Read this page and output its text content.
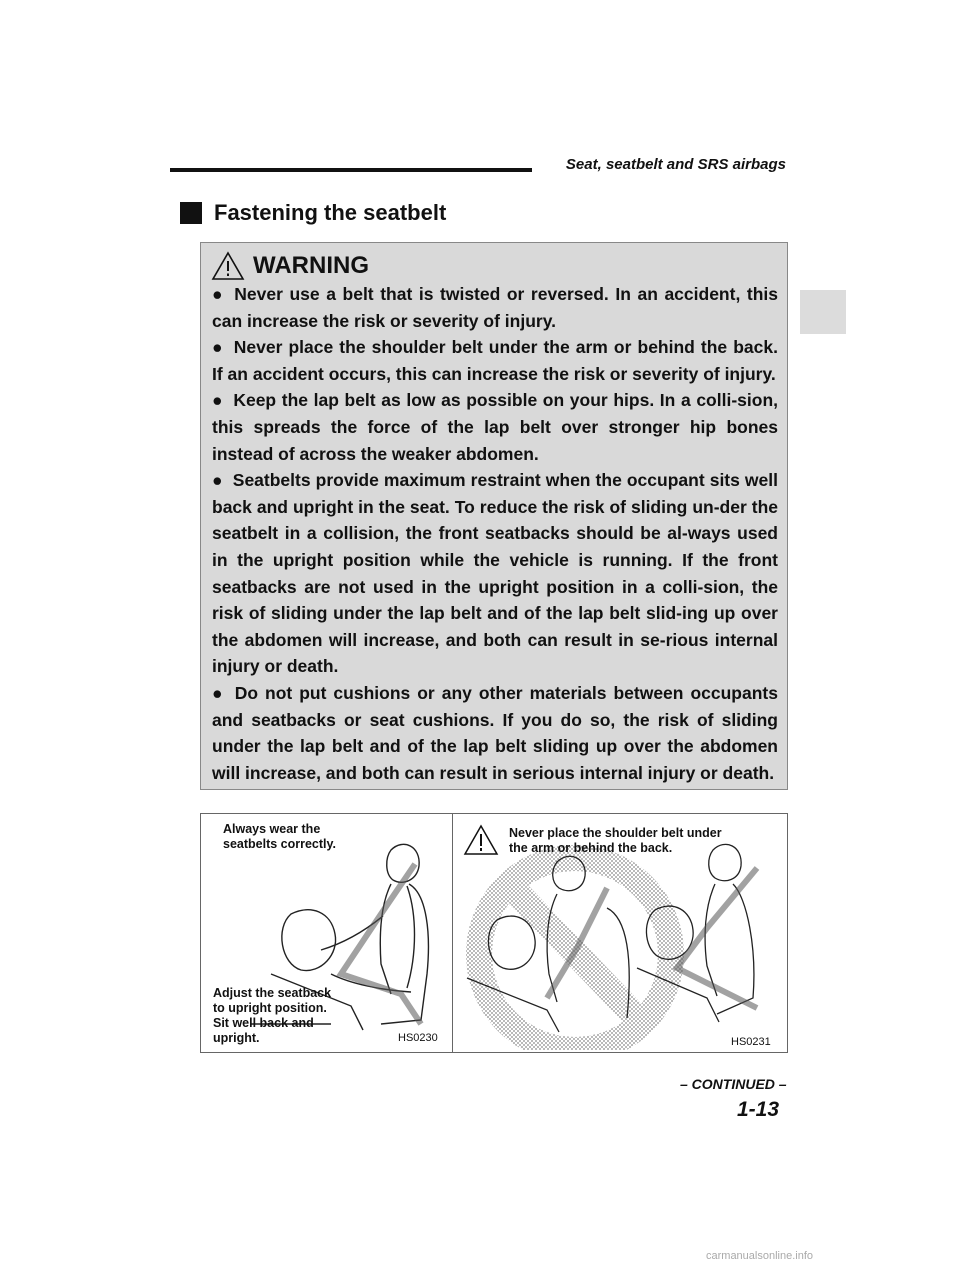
Seat, seatbelt and SRS airbags
Fastening the seatbelt
WARNING

● Never use a belt that is twisted or reversed. In an accident, this can increase the risk or severity of injury.

● Never place the shoulder belt under the arm or behind the back. If an accident occurs, this can increase the risk or severity of injury.

● Keep the lap belt as low as possible on your hips. In a colli-sion, this spreads the force of the lap belt over stronger hip bones instead of across the weaker abdomen.

● Seatbelts provide maximum restraint when the occupant sits well back and upright in the seat. To reduce the risk of sliding un-der the seatbelt in a collision, the front seatbacks should be al-ways used in the upright position while the vehicle is running. If the front seatbacks are not used in the upright position in a colli-sion, the risk of sliding under the lap belt and of the lap belt slid-ing up over the abdomen will increase, and both can result in se-rious internal injury or death.

● Do not put cushions or any other materials between occupants and seatbacks or seat cushions. If you do so, the risk of sliding under the lap belt and of the lap belt sliding up over the abdomen will increase, and both can result in serious internal injury or death.

Always wear the
seatbelts correctly.
Adjust the seatback
to upright position.
Sit well back and
upright.	HS0230
Never place the shoulder belt under
the arm or behind the back.
HS0231
– CONTINUED –
1-13
carmanualsonline.info
